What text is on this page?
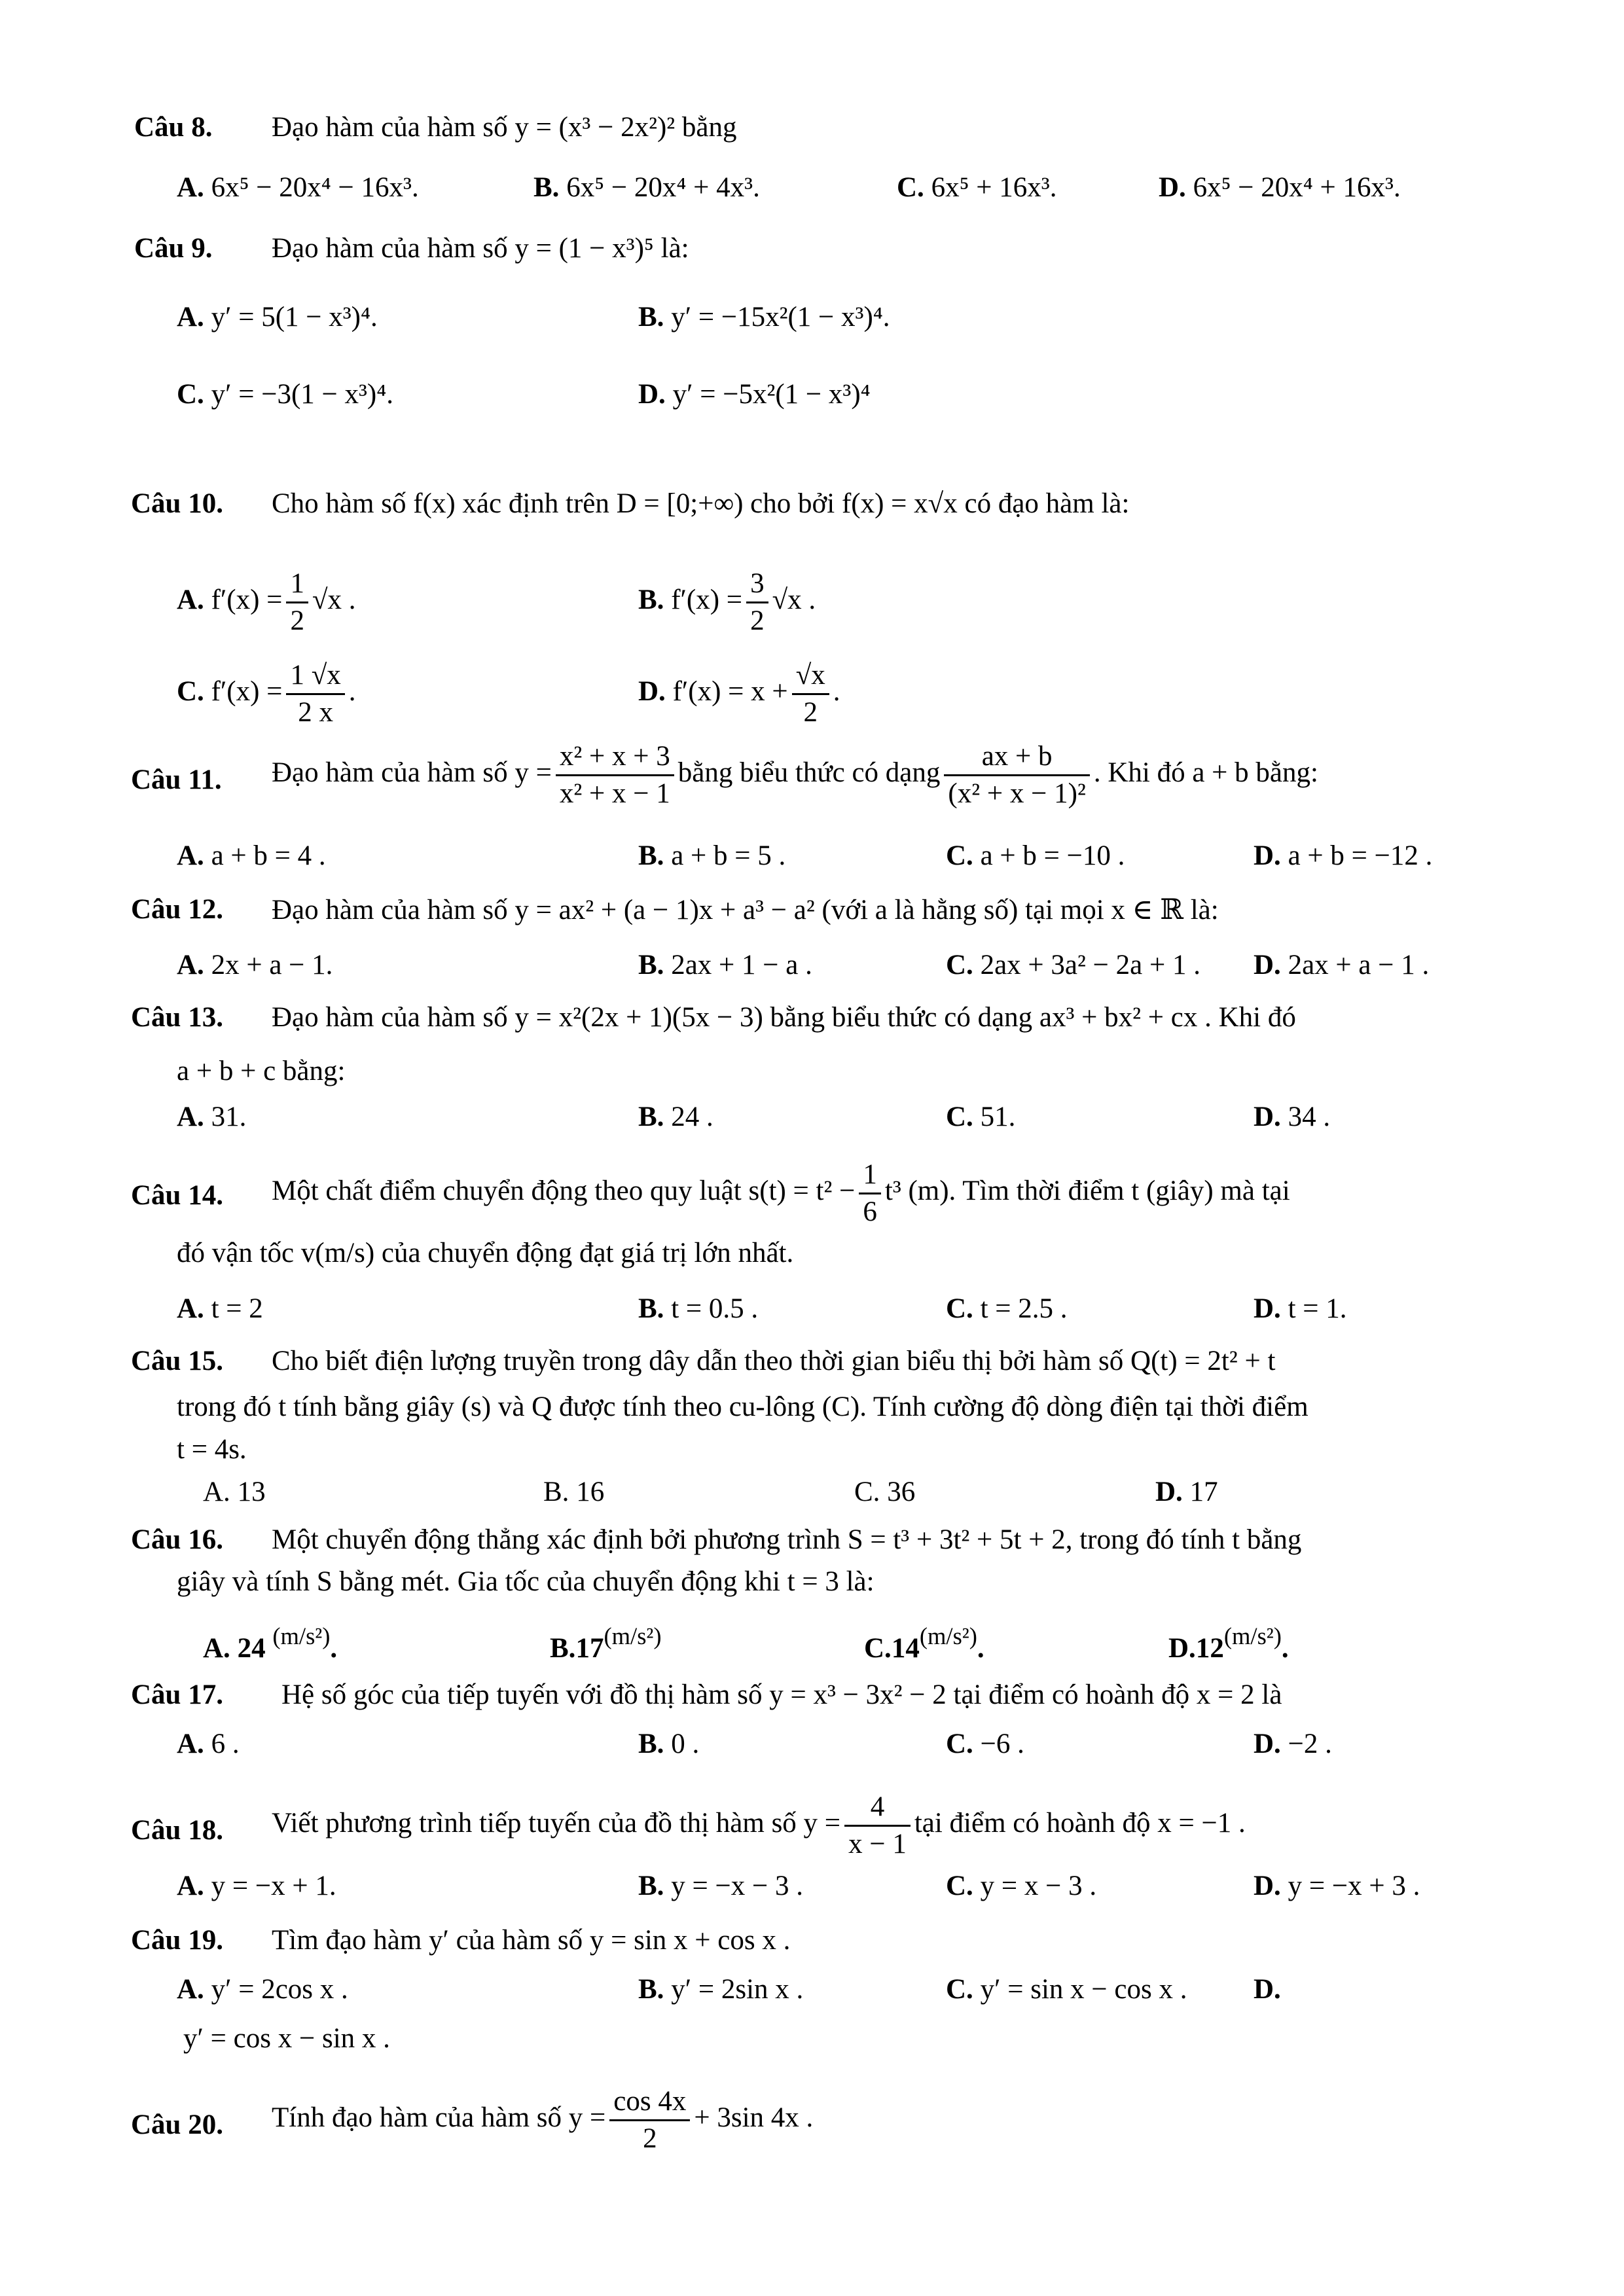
Câu 8. Đạo hàm của hàm số y = (x³ − 2x²)² bằng
A. 6x⁵ − 20x⁴ − 16x³.	B. 6x⁵ − 20x⁴ + 4x³.	C. 6x⁵ + 16x³.	D. 6x⁵ − 20x⁴ + 16x³.
Câu 9. Đạo hàm của hàm số y = (1 − x³)⁵ là:
A. y′ = 5(1 − x³)⁴.	B. y′ = −15x²(1 − x³)⁴.
C. y′ = −3(1 − x³)⁴.	D. y′ = −5x²(1 − x³)⁴
Câu 10. Cho hàm số f(x) xác định trên D = [0;+∞) cho bởi f(x) = x√x có đạo hàm là:
A. $f'(x) = \frac{1}{2} √x$ .	B. $f'(x) = \frac{3}{2} √x$ .
C. $f'(x) = \frac{1 √x}{2 x}$ .	D. $f'(x) = x + \frac{√x}{2}$ .
Câu 11. Đạo hàm của hàm số $y = \frac{\text{x² + x + 3}}{\text{x² + x − 1}}$ bằng biểu thức có dạng $\frac{ax + b}{\text{(x² + x − 1)²}}$ . Khi đó a + b bằng:
A. a + b = 4 .	B. a + b = 5 .	C. a + b = −10 .	D. a + b = −12 .
Câu 12. Đạo hàm của hàm số y = ax² + (a − 1)x + a³ − a² (với a là hằng số) tại mọi x ∈ ℝ là:
A. 2x + a − 1.	B. 2ax + 1 − a .	C. 2ax + 3a² − 2a + 1 . D. 2ax + a − 1 .
Câu 13. Đạo hàm của hàm số y = x²(2x + 1)(5x − 3) bằng biểu thức có dạng ax³ + bx² + cx . Khi đó
a + b + c bằng:
A. 31.	B. 24 .	C. 51.	D. 34 .
Câu 14. Một chất điểm chuyển động theo quy luật $s(t) = t^2 - \frac{1}{6} t^3$ (m). Tìm thời điểm t (giây) mà tại
đó vận tốc v(m/s) của chuyển động đạt giá trị lớn nhất.
A. t = 2	B. t = 0.5 .	C. t = 2.5 .	D. t = 1.
Câu 15. Cho biết điện lượng truyền trong dây dẫn theo thời gian biểu thị bởi hàm số Q(t) = 2t² + t
trong đó t tính bằng giây (s) và Q được tính theo cu-lông (C). Tính cường độ dòng điện tại thời điểm
t = 4s.
A. 13	B. 16	C. 36	D. 17
Câu 16. Một chuyển động thẳng xác định bởi phương trình S = t³ + 3t² + 5t + 2, trong đó tính t bằng
giây và tính S bằng mét. Gia tốc của chuyển động khi t = 3 là:
A. 24 $^{(m/s^2)}$.	$B.17^{(m/s^2)}$	$C.14^{(m/s^2)}$.	$D.12^{(m/s^2)}$.
Câu 17. Hệ số góc của tiếp tuyến với đồ thị hàm số y = x³ − 3x² − 2 tại điểm có hoành độ x = 2 là
A. 6 .	B. 0 .	C. −6 .	D. −2 .
Câu 18. Viết phương trình tiếp tuyến của đồ thị hàm số $y = \frac{4}{x - 1}$ tại điểm có hoành độ x = −1 .
A. y = −x + 1.	B. y = −x − 3 .	C. y = x − 3 .	D. y = −x + 3 .
Câu 19. Tìm đạo hàm y′ của hàm số y = sin x + cos x .
A. y′ = 2cos x .	B. y′ = 2sin x .	C. y′ = sin x − cos x . D.
y′ = cos x − sin x .
Câu 20. Tính đạo hàm của hàm số $y = \frac{\cos 4x}{2} + 3\sin$ 4x .
